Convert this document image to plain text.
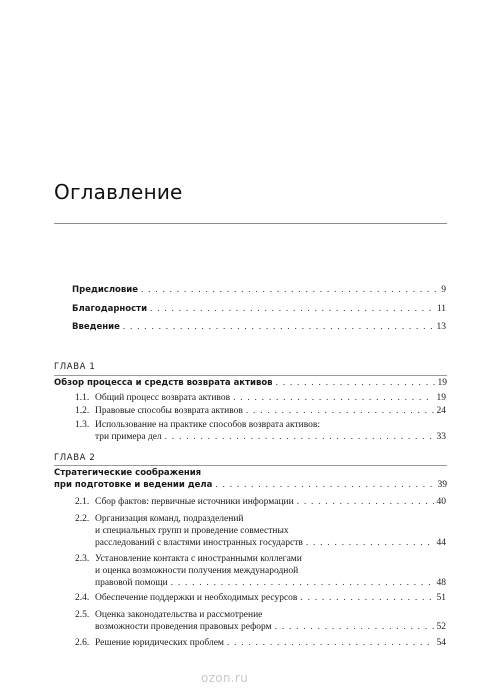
Оглавление
Предисловие . . .	9
Благодарности . . .	11
Введение . . .	13

ГЛАВА 1

Обзор процесса и средств возврата активов . . .	19
1.1. Общий процесс возврата активов . . .	19
1.2. Правовые способы возврата активов . . .	24
1.3. Использование на практике способов возврата активов:
три примера дел . . .	33

ГЛАВА 2

Стратегические соображения
при подготовке и ведении дела . . .	39
2.1. Сбор фактов: первичные источники информации . . .	40
2.2. Организация команд, подразделений
и специальных групп и проведение совместных
расследований с властями иностранных государств . . .	44
2.3. Установление контакта с иностранными коллегами
и оценка возможности получения международной
правовой помощи . . .	48
2.4. Обеспечение поддержки и необходимых ресурсов . . .	51
2.5. Оценка законодательства и рассмотрение
возможности проведения правовых реформ . . .	52
2.6. Решение юридических проблем . . .	54
ozon.ru
